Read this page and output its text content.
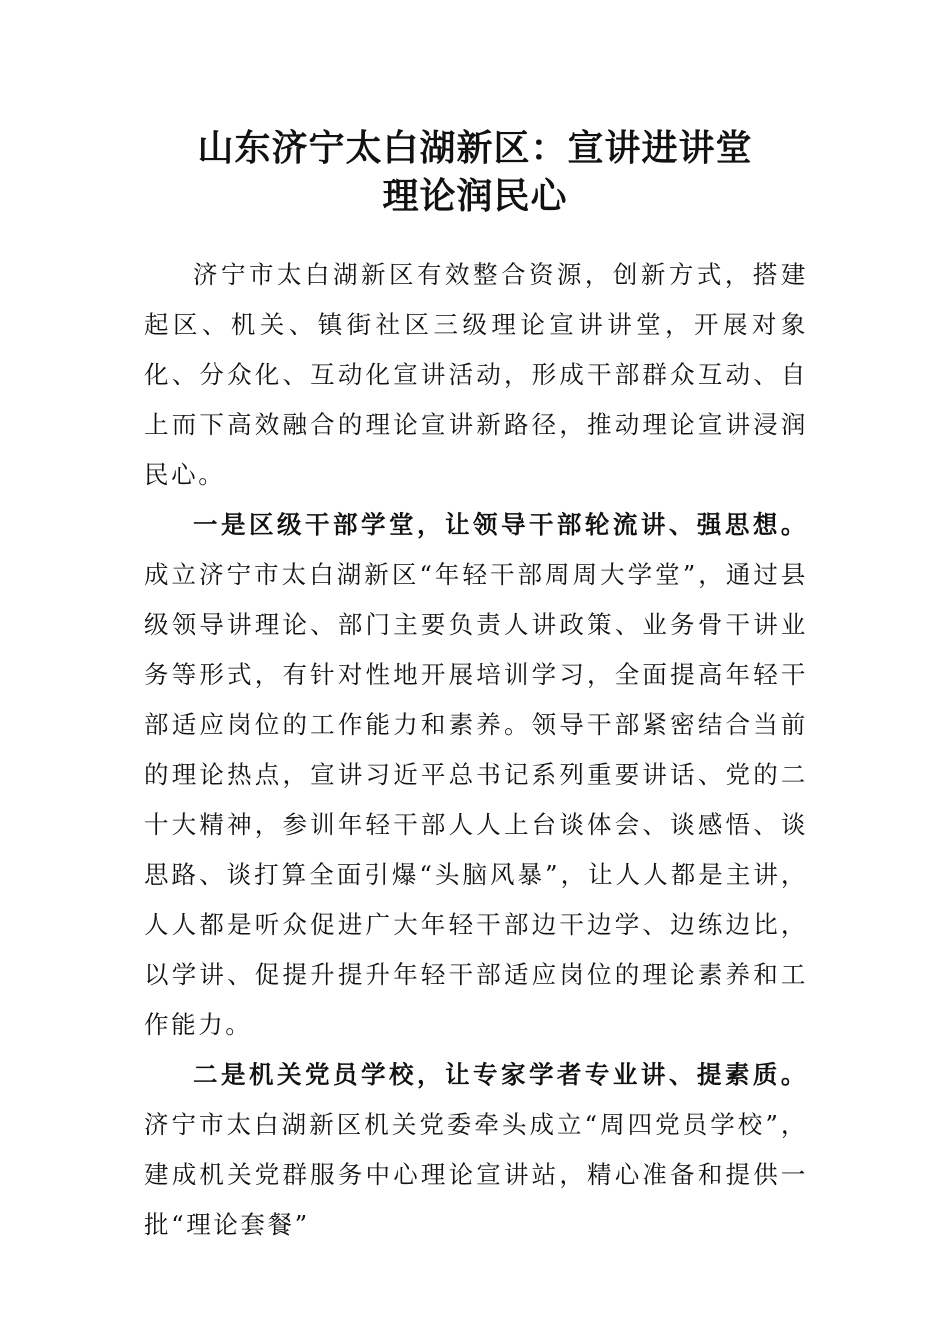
山东济宁太白湖新区：宣讲进讲堂
理论润民心

济宁市太白湖新区有效整合资源，创新方式，搭建起区、机关、镇街社区三级理论宣讲讲堂，开展对象化、分众化、互动化宣讲活动，形成干部群众互动、自上而下高效融合的理论宣讲新路径，推动理论宣讲浸润民心。

一是区级干部学堂，让领导干部轮流讲、强思想。成立济宁市太白湖新区“年轻干部周周大学堂”，通过县级领导讲理论、部门主要负责人讲政策、业务骨干讲业务等形式，有针对性地开展培训学习，全面提高年轻干部适应岗位的工作能力和素养。领导干部紧密结合当前的理论热点，宣讲习近平总书记系列重要讲话、党的二十大精神，参训年轻干部人人上台谈体会、谈感悟、谈思路、谈打算全面引爆“头脑风暴”，让人人都是主讲，人人都是听众促进广大年轻干部边干边学、边练边比，以学讲、促提升提升年轻干部适应岗位的理论素养和工作能力。

二是机关党员学校，让专家学者专业讲、提素质。济宁市太白湖新区机关党委牵头成立“周四党员学校”，建成机关党群服务中心理论宣讲站，精心准备和提供一批“理论套餐”
